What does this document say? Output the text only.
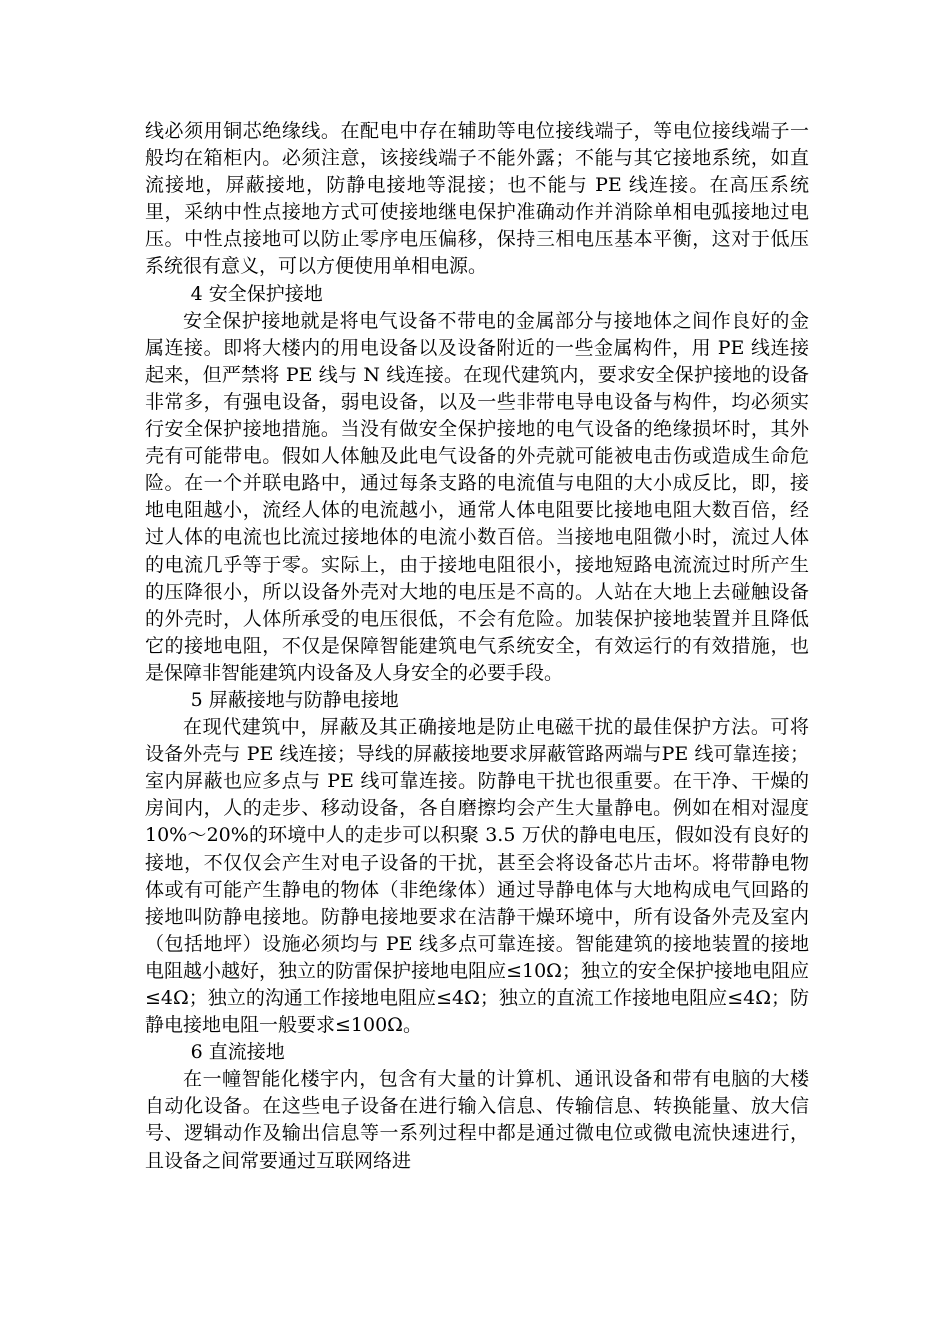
线必须用铜芯绝缘线。在配电中存在辅助等电位接线端子，等电位接线端子一般均在箱柜内。必须注意，该接线端子不能外露；不能与其它接地系统，如直流接地，屏蔽接地，防静电接地等混接；也不能与 PE 线连接。在高压系统里，采纳中性点接地方式可使接地继电保护准确动作并消除单相电弧接地过电压。中性点接地可以防止零序电压偏移，保持三相电压基本平衡，这对于低压系统很有意义，可以方便使用单相电源。

4 安全保护接地

安全保护接地就是将电气设备不带电的金属部分与接地体之间作良好的金属连接。即将大楼内的用电设备以及设备附近的一些金属构件，用 PE 线连接起来，但严禁将 PE 线与 N 线连接。在现代建筑内，要求安全保护接地的设备非常多，有强电设备，弱电设备，以及一些非带电导电设备与构件，均必须实行安全保护接地措施。当没有做安全保护接地的电气设备的绝缘损坏时，其外壳有可能带电。假如人体触及此电气设备的外壳就可能被电击伤或造成生命危险。在一个并联电路中，通过每条支路的电流值与电阻的大小成反比，即，接地电阻越小，流经人体的电流越小，通常人体电阻要比接地电阻大数百倍，经过人体的电流也比流过接地体的电流小数百倍。当接地电阻微小时，流过人体的电流几乎等于零。实际上，由于接地电阻很小，接地短路电流流过时所产生的压降很小，所以设备外壳对大地的电压是不高的。人站在大地上去碰触设备的外壳时，人体所承受的电压很低，不会有危险。加装保护接地装置并且降低它的接地电阻，不仅是保障智能建筑电气系统安全，有效运行的有效措施，也是保障非智能建筑内设备及人身安全的必要手段。

5 屏蔽接地与防静电接地

在现代建筑中，屏蔽及其正确接地是防止电磁干扰的最佳保护方法。可将设备外壳与 PE 线连接；导线的屏蔽接地要求屏蔽管路两端与PE 线可靠连接；室内屏蔽也应多点与 PE 线可靠连接。防静电干扰也很重要。在干净、干燥的房间内，人的走步、移动设备，各自磨擦均会产生大量静电。例如在相对湿度 10%～20%的环境中人的走步可以积聚 3.5 万伏的静电电压，假如没有良好的接地，不仅仅会产生对电子设备的干扰，甚至会将设备芯片击坏。将带静电物体或有可能产生静电的物体（非绝缘体）通过导静电体与大地构成电气回路的接地叫防静电接地。防静电接地要求在洁静干燥环境中，所有设备外壳及室内（包括地坪）设施必须均与 PE 线多点可靠连接。智能建筑的接地装置的接地电阻越小越好，独立的防雷保护接地电阻应≤10Ω；独立的安全保护接地电阻应≤4Ω；独立的沟通工作接地电阻应≤4Ω；独立的直流工作接地电阻应≤4Ω；防静电接地电阻一般要求≤100Ω。

6 直流接地

在一幢智能化楼宇内，包含有大量的计算机、通讯设备和带有电脑的大楼自动化设备。在这些电子设备在进行输入信息、传输信息、转换能量、放大信号、逻辑动作及输出信息等一系列过程中都是通过微电位或微电流快速进行，且设备之间常要通过互联网络进
